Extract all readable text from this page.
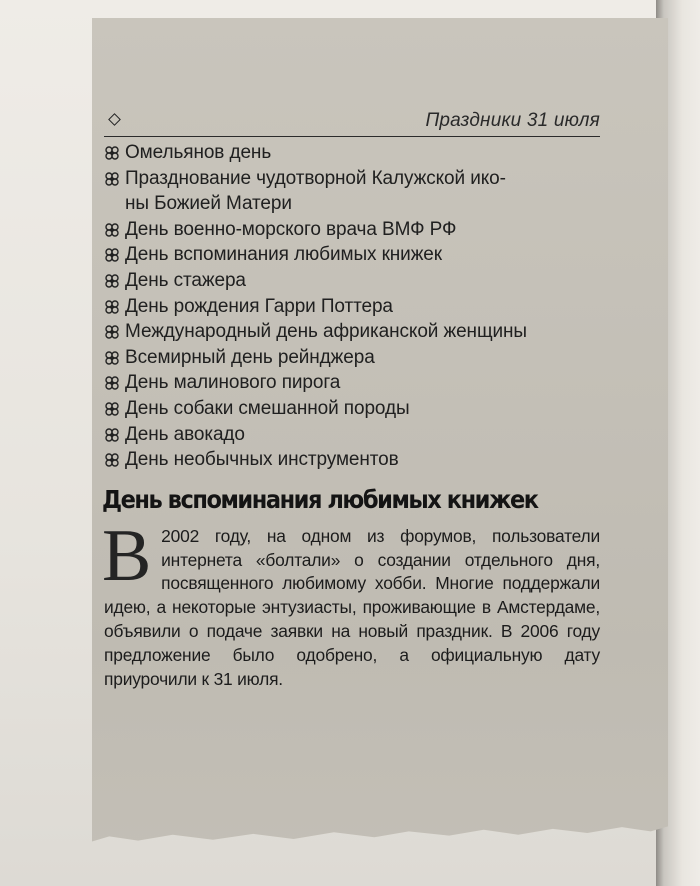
Праздники 31 июля
Омельянов день
Празднование чудотворной Калужской ико-
ны Божией Матери
День военно-морского врача ВМФ РФ
День вспоминания любимых книжек
День стажера
День рождения Гарри Поттера
Международный день африканской женщины
Всемирный день рейнджера
День малинового пирога
День собаки смешанной породы
День авокадо
День необычных инструментов
День вспоминания любимых книжек
В 2002 году, на одном из форумов, пользователи интернета «болтали» о создании отдельного дня, посвященного любимому хобби. Многие поддержали идею, а некоторые энтузиасты, проживающие в Амстердаме, объявили о подаче заявки на новый праздник. В 2006 году предложение было одобрено, а официальную дату приурочили к 31 июля.
